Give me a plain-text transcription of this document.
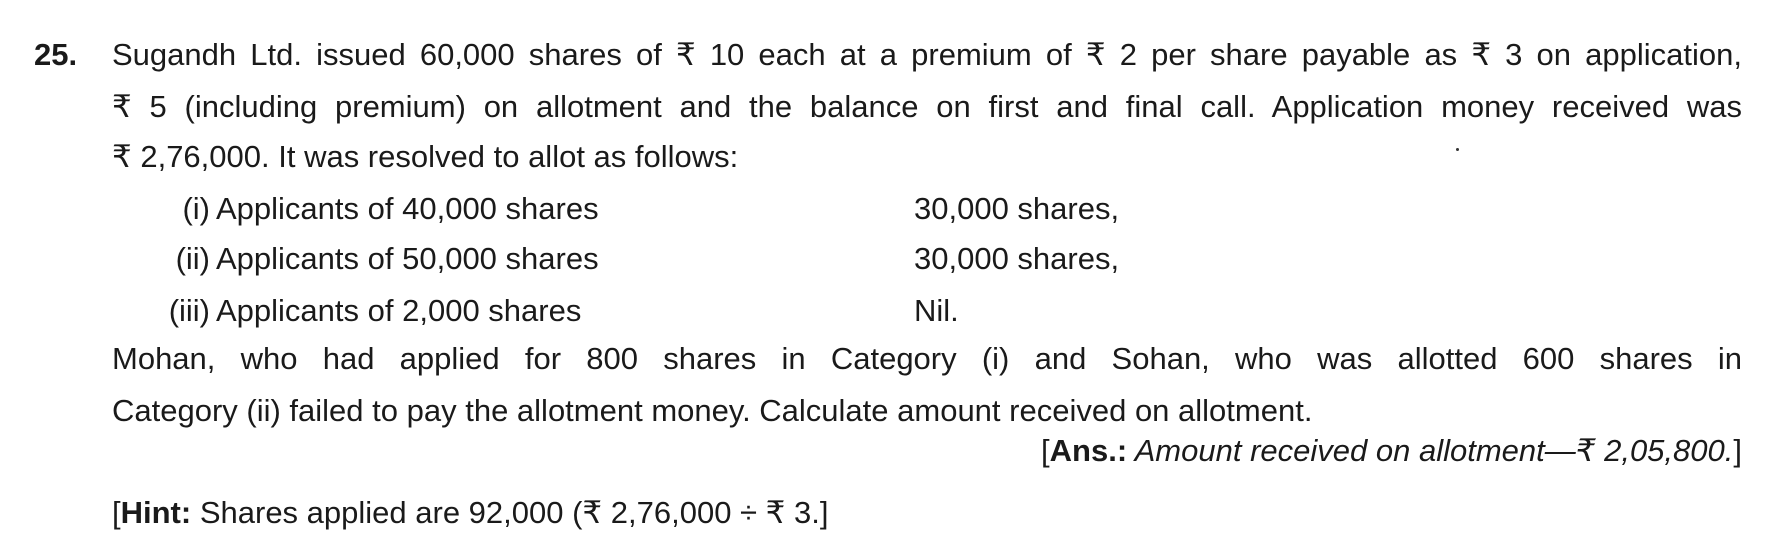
25. Sugandh Ltd. issued 60,000 shares of ₹ 10 each at a premium of ₹ 2 per share payable as ₹ 3 on application,
₹ 5 (including premium) on allotment and the balance on first and final call. Application money received was
₹ 2,76,000. It was resolved to allot as follows:
(i) Applicants of 40,000 shares	30,000 shares,
(ii) Applicants of 50,000 shares	30,000 shares,
(iii) Applicants of 2,000 shares	Nil.
Mohan, who had applied for 800 shares in Category (i) and Sohan, who was allotted 600 shares in
Category (ii) failed to pay the allotment money. Calculate amount received on allotment.
[Ans.: Amount received on allotment—₹ 2,05,800.]
[Hint: Shares applied are 92,000 (₹ 2,76,000 ÷ ₹ 3.]
